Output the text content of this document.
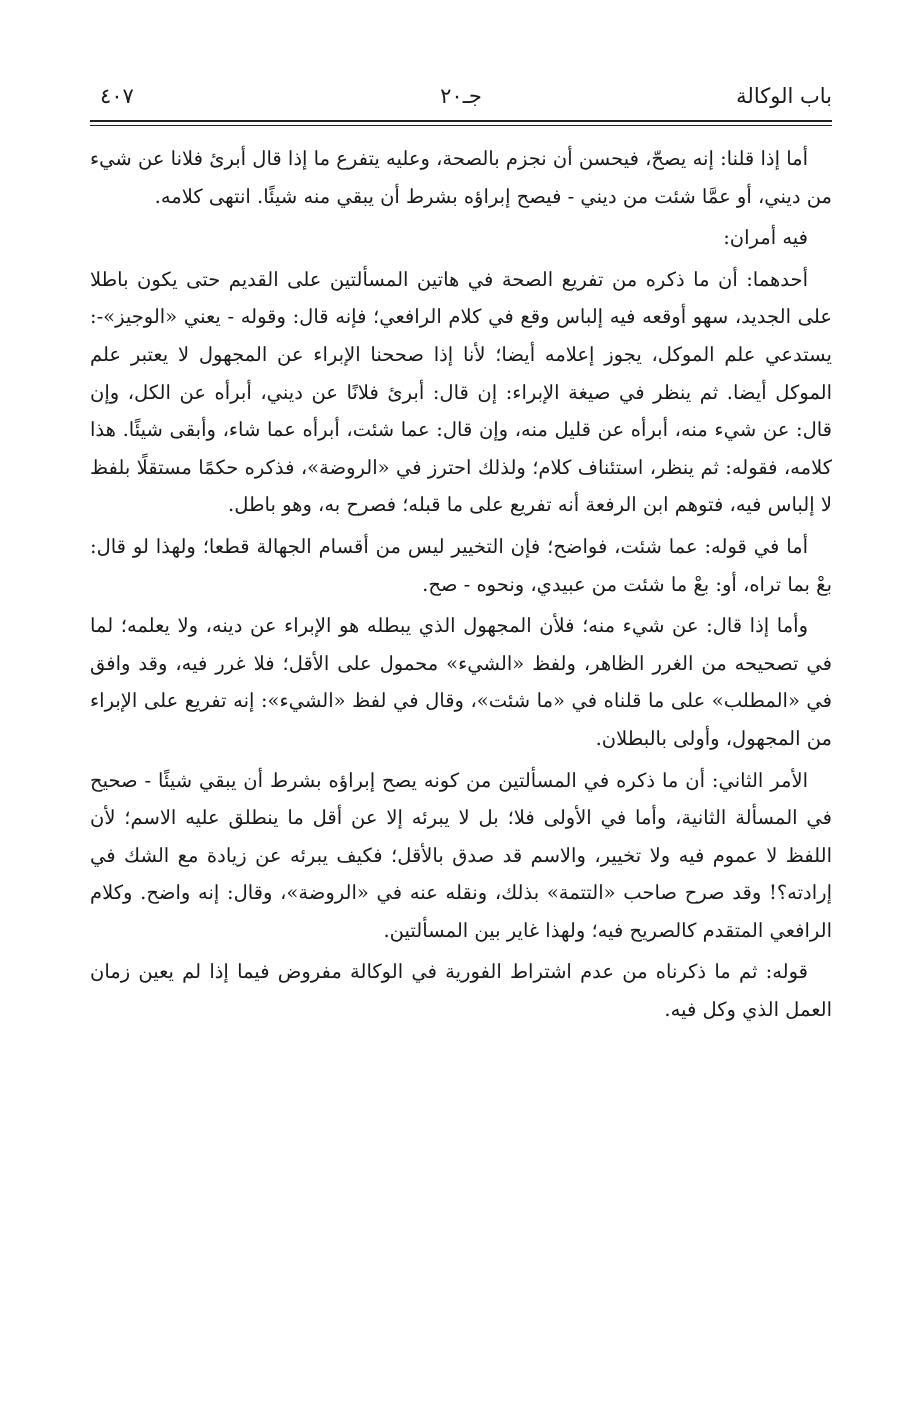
باب الوكالة
جـ٢٠
٤٠٧

أما إذا قلنا: إنه يصحّ، فيحسن أن نجزم بالصحة، وعليه يتفرع ما إذا قال أبرئ فلانا عن شيء من ديني، أو عمَّا شئت من ديني - فيصح إبراؤه بشرط أن يبقي منه شيئًا. انتهى كلامه.

فيه أمران:

أحدهما: أن ما ذكره من تفريع الصحة في هاتين المسألتين على القديم حتى يكون باطلا على الجديد، سهو أوقعه فيه إلباس وقع في كلام الرافعي؛ فإنه قال: وقوله - يعني «الوجيز»-: يستدعي علم الموكل، يجوز إعلامه أيضا؛ لأنا إذا صححنا الإبراء عن المجهول لا يعتبر علم الموكل أيضا. ثم ينظر في صيغة الإبراء: إن قال: أبرئ فلانًا عن ديني، أبرأه عن الكل، وإن قال: عن شيء منه، أبرأه عن قليل منه، وإن قال: عما شئت، أبرأه عما شاء، وأبقى شيئًا. هذا كلامه، فقوله: ثم ينظر، استئناف كلام؛ ولذلك احترز في «الروضة»، فذكره حكمًا مستقلًا بلفظ لا إلباس فيه، فتوهم ابن الرفعة أنه تفريع على ما قبله؛ فصرح به، وهو باطل.

أما في قوله: عما شئت، فواضح؛ فإن التخيير ليس من أقسام الجهالة قطعا؛ ولهذا لو قال: بعْ بما تراه، أو: بعْ ما شئت من عبيدي، ونحوه - صح.

وأما إذا قال: عن شيء منه؛ فلأن المجهول الذي يبطله هو الإبراء عن دينه، ولا يعلمه؛ لما في تصحيحه من الغرر الظاهر، ولفظ «الشيء» محمول على الأقل؛ فلا غرر فيه، وقد وافق في «المطلب» على ما قلناه في «ما شئت»، وقال في لفظ «الشيء»: إنه تفريع على الإبراء من المجهول، وأولى بالبطلان.

الأمر الثاني: أن ما ذكره في المسألتين من كونه يصح إبراؤه بشرط أن يبقي شيئًا - صحيح في المسألة الثانية، وأما في الأولى فلا؛ بل لا يبرئه إلا عن أقل ما ينطلق عليه الاسم؛ لأن اللفظ لا عموم فيه ولا تخيير، والاسم قد صدق بالأقل؛ فكيف يبرئه عن زيادة مع الشك في إرادته؟! وقد صرح صاحب «التتمة» بذلك، ونقله عنه في «الروضة»، وقال: إنه واضح. وكلام الرافعي المتقدم كالصريح فيه؛ ولهذا غاير بين المسألتين.

قوله: ثم ما ذكرناه من عدم اشتراط الفورية في الوكالة مفروض فيما إذا لم يعين زمان العمل الذي وكل فيه.
